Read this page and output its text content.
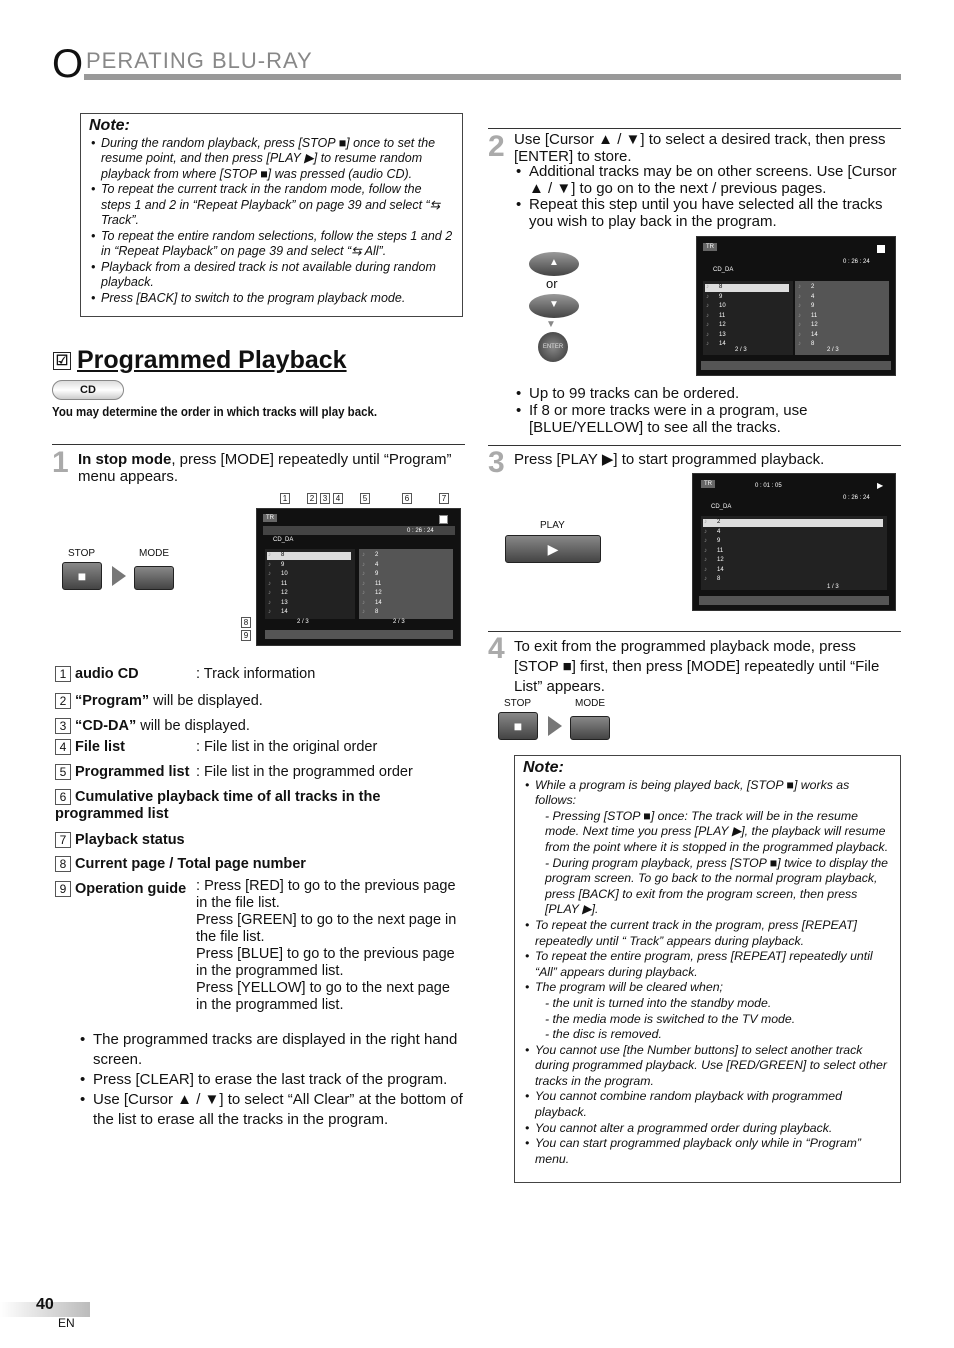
O PERATING BLU-RAY
Note:
• During the random playback, press [STOP ■] once to set the resume point, and then press [PLAY ▶] to resume random playback from where [STOP ■] was pressed (audio CD).
• To repeat the current track in the random mode, follow the steps 1 and 2 in “Repeat Playback” on page 39 and select “⇆ Track”.
• To repeat the entire random selections, follow the steps 1 and 2 in “Repeat Playback” on page 39 and select “⇆ All”.
• Playback from a desired track is not available during random playback.
• Press [BACK] to switch to the program playback mode.
☑ Programmed Playback
CD
You may determine the order in which tracks will play back.
1 In stop mode, press [MODE] repeatedly until “Program” menu appears.
STOP
■
MODE
1	2	3	4	5	6	7
8
9
TR
0 : 26 : 24
CD_DA
♪ 8
♪ 9
♪ 10
♪ 11
♪ 12
♪ 13
♪ 14
♪ 2
♪ 4
♪ 9
♪ 11
♪ 12
♪ 14
♪ 8
2 / 3	2 / 3
1 audio CD	: Track information
2 “Program” will be displayed.
3 “CD-DA” will be displayed.
4 File list	: File list in the original order
5 Programmed list : File list in the programmed order
6 Cumulative playback time of all tracks in the programmed list
7 Playback status
8 Current page / Total page number
9 Operation guide : Press [RED] to go to the previous page in the file list.
Press [GREEN] to go to the next page in the file list.
Press [BLUE] to go to the previous page in the programmed list.
Press [YELLOW] to go to the next page in the programmed list.
• The programmed tracks are displayed in the right hand screen.
• Press [CLEAR] to erase the last track of the program.
• Use [Cursor ▲ / ▼] to select “All Clear” at the bottom of the list to erase all the tracks in the program.
2 Use [Cursor ▲ / ▼] to select a desired track, then press [ENTER] to store.
• Additional tracks may be on other screens. Use [Cursor ▲ / ▼] to go on to the next / previous pages.
• Repeat this step until you have selected all the tracks you wish to play back in the program.
▲
or
▼
▼
ENTER
TR
0 : 26 : 24
CD_DA
♪ 8
♪ 9
♪ 10
♪ 11
♪ 12
♪ 13
♪ 14
♪ 2
♪ 4
♪ 9
♪ 11
♪ 12
♪ 14
♪ 8
2 / 3	2 / 3
• Up to 99 tracks can be ordered.
• If 8 or more tracks were in a program, use [BLUE/YELLOW] to see all the tracks.
3 Press [PLAY ▶] to start programmed playback.
PLAY
▶
TR	0 : 01 : 05	▶
0 : 26 : 24
CD_DA
♪ 2
♪ 4
♪ 9
♪ 11
♪ 12
♪ 14
♪ 8
1 / 3
4 To exit from the programmed playback mode, press [STOP ■] first, then press [MODE] repeatedly until “File List” appears.
STOP
■
MODE
Note:
• While a program is being played back, [STOP ■] works as follows:
- Pressing [STOP ■] once: The track will be in the resume mode. Next time you press [PLAY ▶], the playback will resume from the point where it is stopped in the programmed playback.
- During program playback, press [STOP ■] twice to display the program screen. To go back to the normal program playback, press [BACK] to exit from the program screen, then press [PLAY ▶].
• To repeat the current track in the program, press [REPEAT] repeatedly until “ Track” appears during playback.
• To repeat the entire program, press [REPEAT] repeatedly until “All” appears during playback.
• The program will be cleared when;
- the unit is turned into the standby mode.
- the media mode is switched to the TV mode.
- the disc is removed.
• You cannot use [the Number buttons] to select another track during programmed playback. Use [RED/GREEN] to select other tracks in the program.
• You cannot combine random playback with programmed playback.
• You cannot alter a programmed order during playback.
• You can start programmed playback only while in “Program” menu.
40
EN
